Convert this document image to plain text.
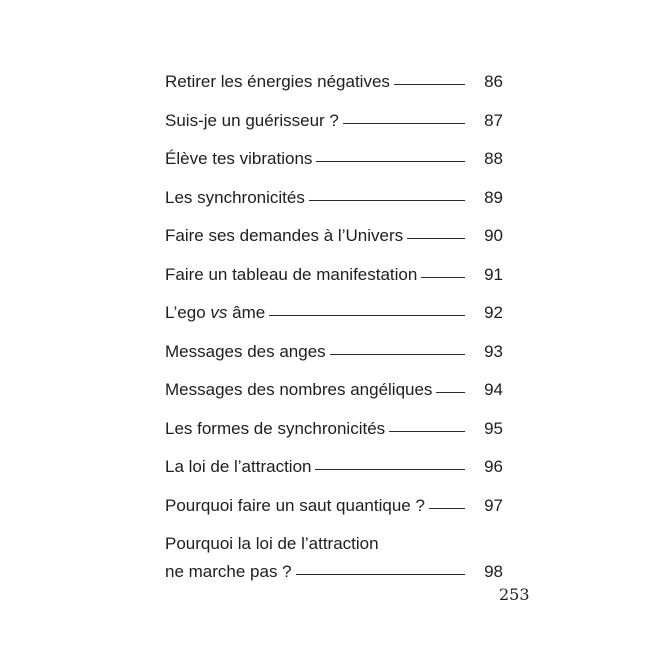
Retirer les énergies négatives	86
Suis-je un guérisseur ?	87
Élève tes vibrations	88
Les synchronicités	89
Faire ses demandes à l’Univers	90
Faire un tableau de manifestation	91
L’ego vs âme	92
Messages des anges	93
Messages des nombres angéliques	94
Les formes de synchronicités	95
La loi de l’attraction	96
Pourquoi faire un saut quantique ?	97
Pourquoi la loi de l’attraction
ne marche pas ?	98
253
